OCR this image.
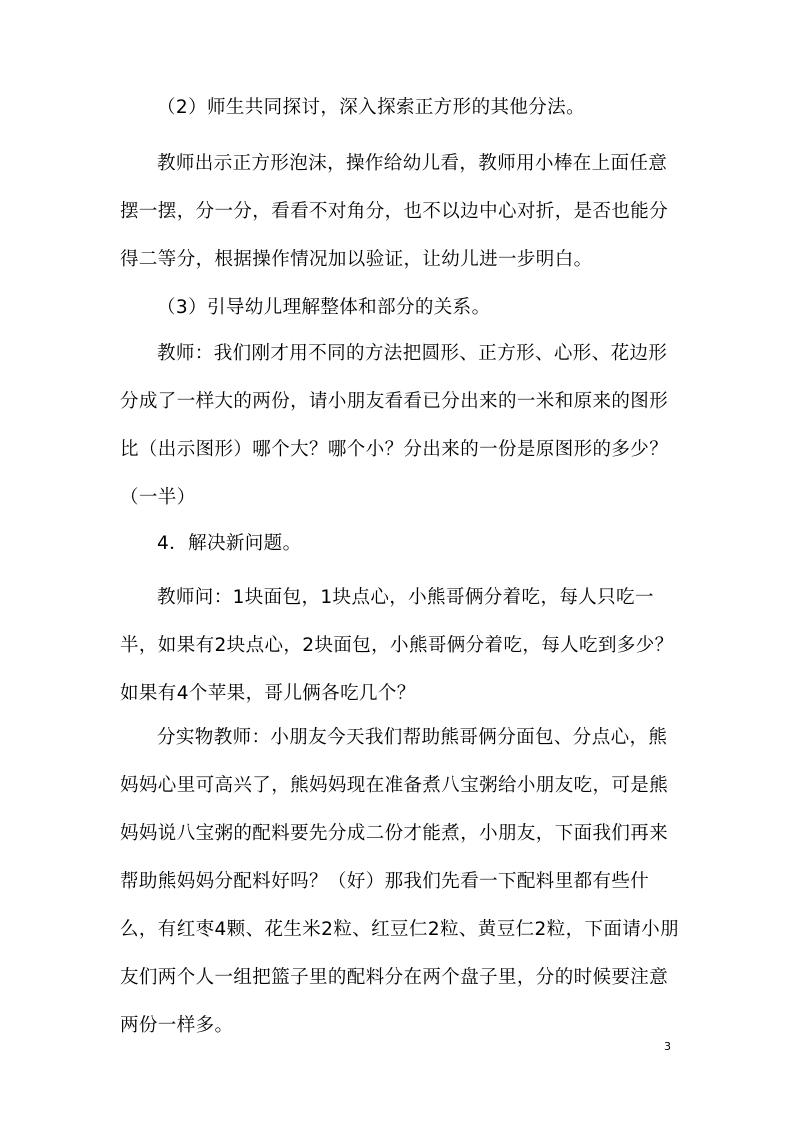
（2）师生共同探讨，深入探索正方形的其他分法。

教师出示正方形泡沫，操作给幼儿看，教师用小棒在上面任意摆一摆，分一分，看看不对角分，也不以边中心对折，是否也能分得二等分，根据操作情况加以验证，让幼儿进一步明白。

（3）引导幼儿理解整体和部分的关系。

教师：我们刚才用不同的方法把圆形、正方形、心形、花边形分成了一样大的两份，请小朋友看看已分出来的一米和原来的图形比（出示图形）哪个大？哪个小？分出来的一份是原图形的多少？（一半）

4．解决新问题。

教师问：1块面包，1块点心，小熊哥俩分着吃，每人只吃一半，如果有2块点心，2块面包，小熊哥俩分着吃，每人吃到多少？如果有4个苹果，哥儿俩各吃几个？

分实物教师：小朋友今天我们帮助熊哥俩分面包、分点心，熊妈妈心里可高兴了，熊妈妈现在准备煮八宝粥给小朋友吃，可是熊妈妈说八宝粥的配料要先分成二份才能煮，小朋友，下面我们再来帮助熊妈妈分配料好吗？（好）那我们先看一下配料里都有些什么，有红枣4颗、花生米2粒、红豆仁2粒、黄豆仁2粒，下面请小朋友们两个人一组把篮子里的配料分在两个盘子里，分的时候要注意两份一样多。

3
